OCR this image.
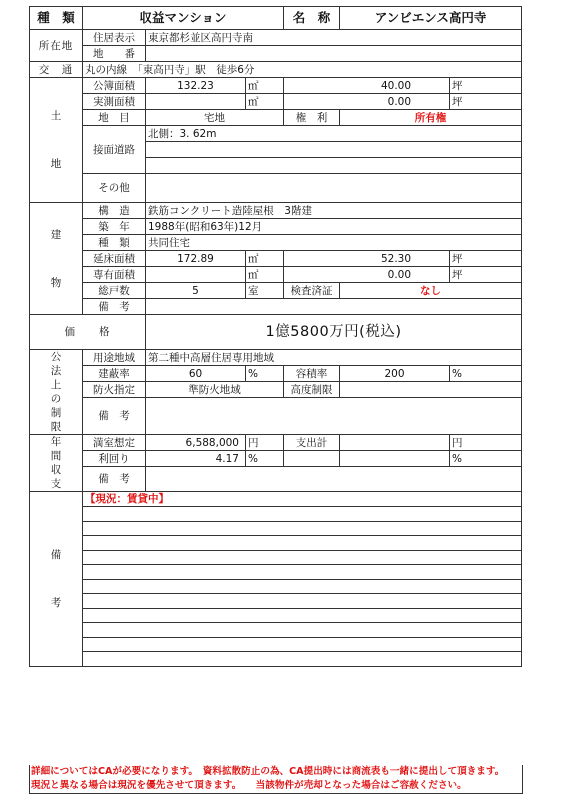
種　類	収益マンション			名　称	アンビエンス高円寺	
所在地	住居表示	東京都杉並区高円寺南				
	地　　番					
交　通	丸の内線　「東高円寺」駅　徒歩6分					
土

地	公簿面積	132.23	㎡	40.00		坪
	実測面積		㎡	0.00		坪
	地　目	宅地		権　利	所有権	
	接面道路	北側：3. 62m				

	その他					
建

物	構　造	鉄筋コンクリート造陸屋根　3階建				
	築　年	1988年(昭和63年)12月				
	種　類	共同住宅				
	延床面積	172.89	㎡	52.30		坪
	専有面積		㎡	0.00		坪
	総戸数	5	室	検査済証	なし	
	備　考					

価　　格		1億5800万円(税込)				

公法上の制限	用途地域	第二種中高層住居専用地域				
	建蔽率	60	%	容積率	200	%
	防火指定	準防火地域		高度制限		
	備　考					

年間収支	満室想定	6,588,000	円	支出計		円
	利回り	4.17	%			%
	備　考					

備

考	【現況：賃貸中】					

詳細についてはCAが必要になります。　資料拡散防止の為、CA提出時には商流表も一緒に提出して頂きます。
現況と異なる場合は現況を優先させて頂きます。　　当該物件が売却となった場合はご容赦ください。
